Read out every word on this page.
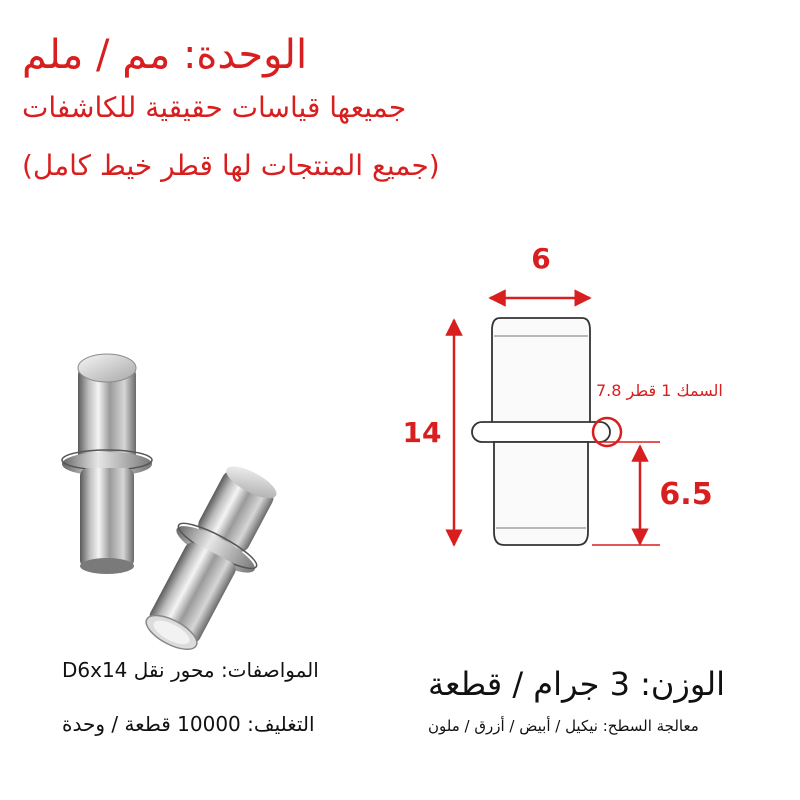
الوحدة: مم / ملم
جميعها قياسات حقيقية للكاشفات
(جميع المنتجات لها قطر خيط كامل)
6
14
6.5
السمك 1 قطر 7.8
المواصفات: محور نقل D6x14
التغليف: 10000 قطعة / وحدة
الوزن: 3 جرام / قطعة
معالجة السطح: نيكيل / أبيض / أزرق / ملون
